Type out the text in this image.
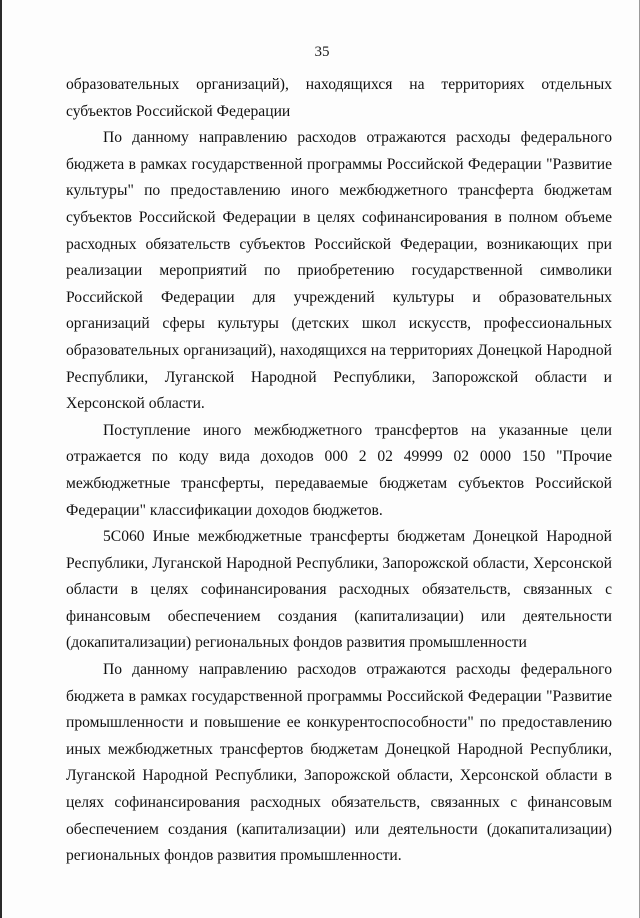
35

образовательных организаций), находящихся на территориях отдельных субъектов Российской Федерации

По данному направлению расходов отражаются расходы федерального бюджета в рамках государственной программы Российской Федерации "Развитие культуры" по предоставлению иного межбюджетного трансферта бюджетам субъектов Российской Федерации в целях софинансирования в полном объеме расходных обязательств субъектов Российской Федерации, возникающих при реализации мероприятий по приобретению государственной символики Российской Федерации для учреждений культуры и образовательных организаций сферы культуры (детских школ искусств, профессиональных образовательных организаций), находящихся на территориях Донецкой Народной Республики, Луганской Народной Республики, Запорожской области и Херсонской области.

Поступление иного межбюджетного трансфертов на указанные цели отражается по коду вида доходов 000 2 02 49999 02 0000 150 "Прочие межбюджетные трансферты, передаваемые бюджетам субъектов Российской Федерации" классификации доходов бюджетов.

5C060 Иные межбюджетные трансферты бюджетам Донецкой Народной Республики, Луганской Народной Республики, Запорожской области, Херсонской области в целях софинансирования расходных обязательств, связанных с финансовым обеспечением создания (капитализации) или деятельности (докапитализации) региональных фондов развития промышленности

По данному направлению расходов отражаются расходы федерального бюджета в рамках государственной программы Российской Федерации "Развитие промышленности и повышение ее конкурентоспособности" по предоставлению иных межбюджетных трансфертов бюджетам Донецкой Народной Республики, Луганской Народной Республики, Запорожской области, Херсонской области в целях софинансирования расходных обязательств, связанных с финансовым обеспечением создания (капитализации) или деятельности (докапитализации) региональных фондов развития промышленности.
